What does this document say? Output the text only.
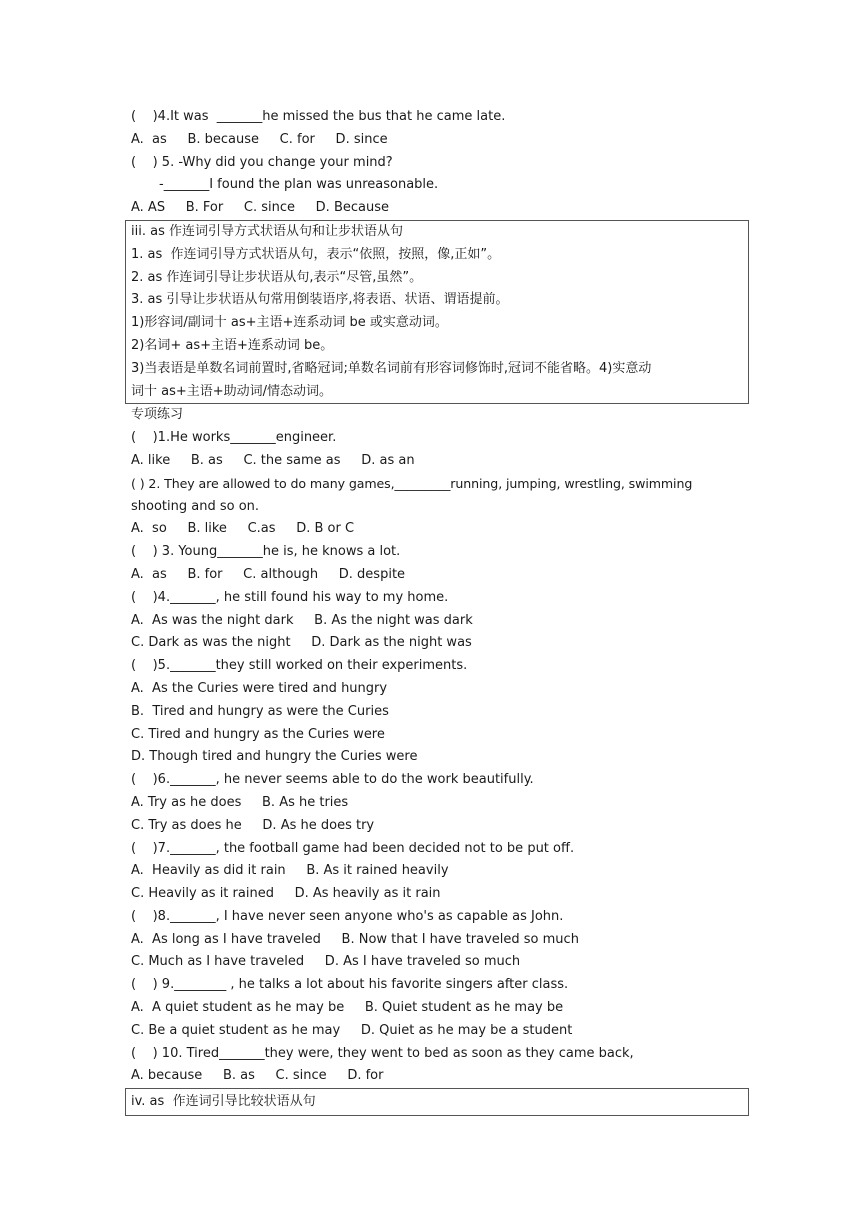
(    )4.It was  _______he missed the bus that he came late.
A.  as     B. because     C. for     D. since
(    ) 5. -Why did you change your mind?
-_______I found the plan was unreasonable.
A. AS     B. For     C. since     D. Because
iii. as 作连词引导方式状语从句和让步状语从句
1. as  作连词引导方式状语从句，表示“依照，按照，像,正如”。
2. as 作连词引导让步状语从句,表示“尽管,虽然”。
3. as 引导让步状语从句常用倒装语序,将表语、状语、谓语提前。
1)形容词/副词十 as+主语+连系动词 be 或实意动词。
2)名词+ as+主语+连系动词 be。
3)当表语是单数名词前置时,省略冠词;单数名词前有形容词修饰时,冠词不能省略。4)实意动
词十 as+主语+助动词/情态动词。
专项练习
(    )1.He works_______engineer.
A. like     B. as     C. the same as     D. as an
( ) 2. They are allowed to do many games,_________running, jumping, wrestling, swimming
shooting and so on.
A.  so     B. like     C.as     D. B or C
(    ) 3. Young_______he is, he knows a lot.
A.  as     B. for     C. although     D. despite
(    )4._______, he still found his way to my home.
A.  As was the night dark     B. As the night was dark
C. Dark as was the night     D. Dark as the night was
(    )5._______they still worked on their experiments.
A.  As the Curies were tired and hungry
B.  Tired and hungry as were the Curies
C. Tired and hungry as the Curies were
D. Though tired and hungry the Curies were
(    )6._______, he never seems able to do the work beautifully.
A. Try as he does     B. As he tries
C. Try as does he     D. As he does try
(    )7._______, the football game had been decided not to be put off.
A.  Heavily as did it rain     B. As it rained heavily
C. Heavily as it rained     D. As heavily as it rain
(    )8._______, I have never seen anyone who's as capable as John.
A.  As long as I have traveled     B. Now that I have traveled so much
C. Much as I have traveled     D. As I have traveled so much
(    ) 9.________ , he talks a lot about his favorite singers after class.
A.  A quiet student as he may be     B. Quiet student as he may be
C. Be a quiet student as he may     D. Quiet as he may be a student
(    ) 10. Tired_______they were, they went to bed as soon as they came back,
A. because     B. as     C. since     D. for
iv. as  作连词引导比较状语从句
